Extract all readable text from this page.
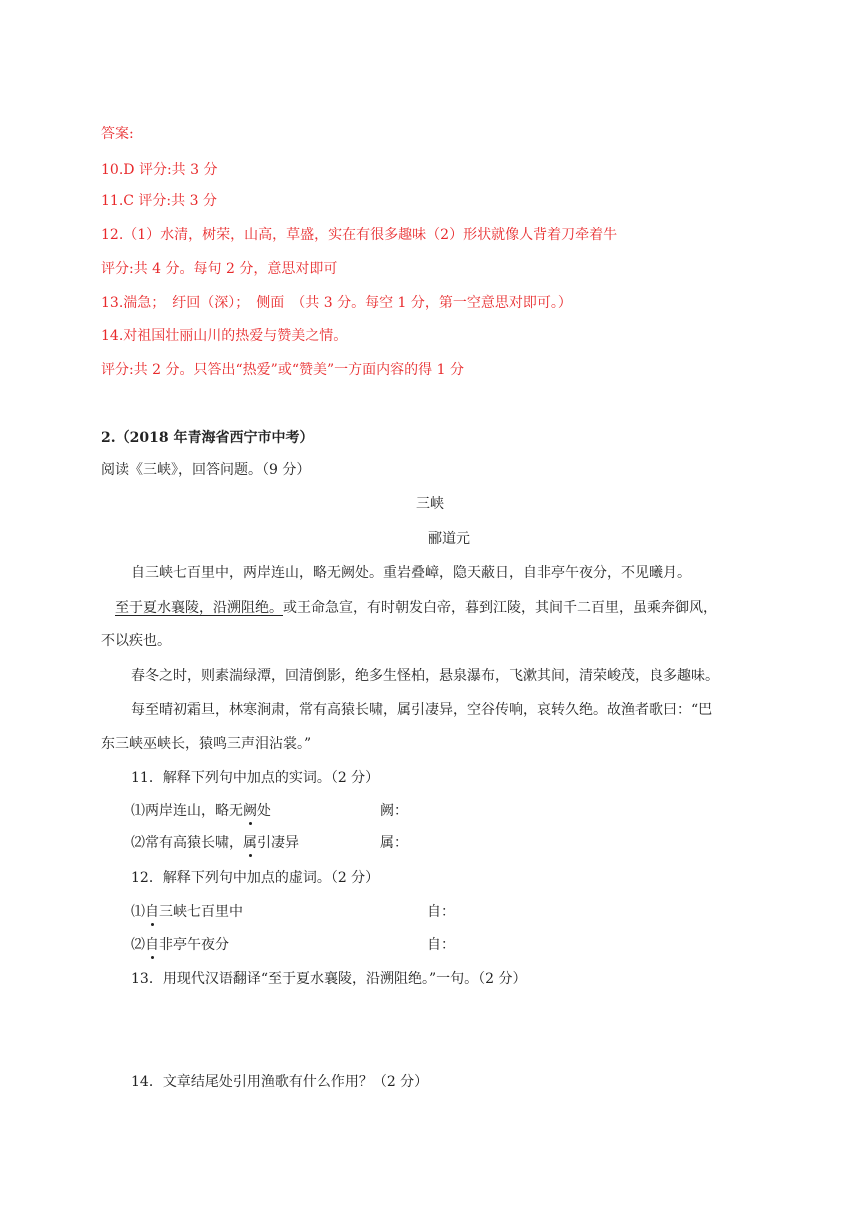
答案:
10.D 评分:共 3 分
11.C 评分:共 3 分
12.（1）水清，树荣，山高，草盛，实在有很多趣味（2）形状就像人背着刀牵着牛
评分:共 4 分。每句 2 分，意思对即可
13.湍急；　纡回（深）；　侧面　（共 3 分。每空 1 分，第一空意思对即可。）
14.对祖国壮丽山川的热爱与赞美之情。
评分:共 2 分。只答出“热爱”或“赞美”一方面内容的得 1 分
2.（2018 年青海省西宁市中考）
阅读《三峡》，回答问题。（9 分）
三峡
郦道元
自三峡七百里中，两岸连山，略无阙处。重岩叠嶂，隐天蔽日，自非亭午夜分，不见曦月。
至于夏水襄陵，沿溯阻绝。或王命急宣，有时朝发白帝，暮到江陵，其间千二百里，虽乘奔御风，
不以疾也。
春冬之时，则素湍绿潭，回清倒影，绝多生怪柏，悬泉瀑布，飞漱其间，清荣峻茂，良多趣味。
每至晴初霜旦，林寒涧肃，常有高猿长啸，属引凄异，空谷传响，哀转久绝。故渔者歌曰：“巴
东三峡巫峡长，猿鸣三声泪沾裳。”
11．解释下列句中加点的实词。（2 分）
⑴两岸连山，略无阙处	阙：
⑵常有高猿长啸，属引凄异	属：
12．解释下列句中加点的虚词。（2 分）
⑴自三峡七百里中	自：
⑵自非亭午夜分	自：
13．用现代汉语翻译“至于夏水襄陵，沿溯阻绝。”一句。（2 分）
14．文章结尾处引用渔歌有什么作用？（2 分）
